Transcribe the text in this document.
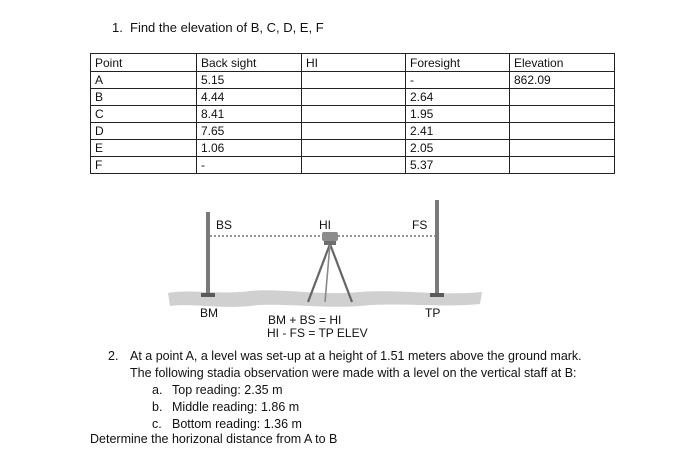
1. Find the elevation of B, C, D, E, F
Point	Back sight	HI	Foresight	Elevation
A	5.15		-	862.09
B	4.44		2.64	
C	8.41		1.95	
D	7.65		2.41	
E	1.06		2.05	
F	-		5.37	
BS	HI	FS
BM	TP
BM + BS = HI
HI - FS = TP ELEV
2. At a point A, a level was set-up at a height of 1.51 meters above the ground mark.
The following stadia observation were made with a level on the vertical staff at B:
a. Top reading: 2.35 m
b. Middle reading: 1.86 m
c. Bottom reading: 1.36 m
Determine the horizonal distance from A to B
